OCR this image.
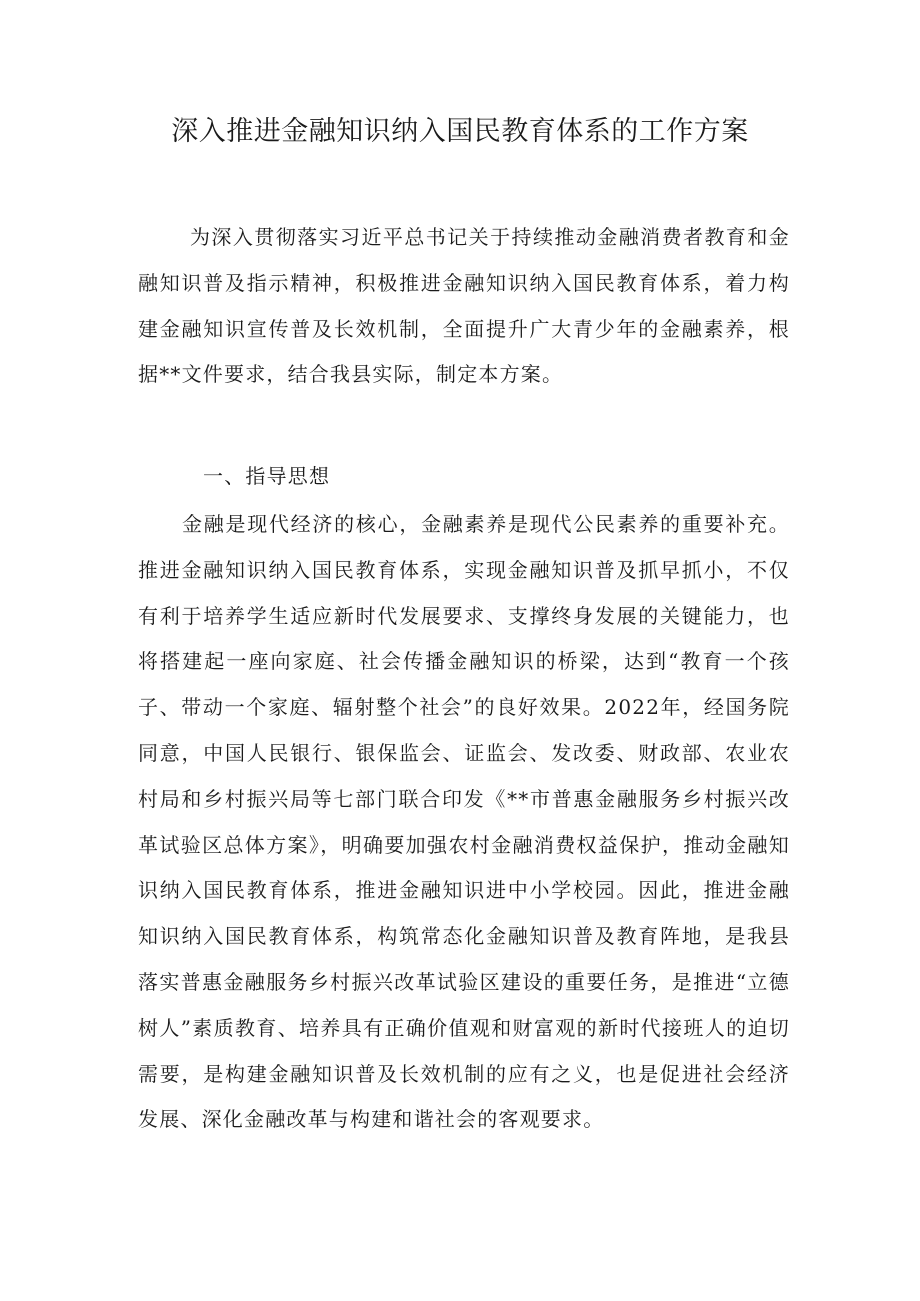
深入推进金融知识纳入国民教育体系的工作方案

为深入贯彻落实习近平总书记关于持续推动金融消费者教育和金融知识普及指示精神，积极推进金融知识纳入国民教育体系，着力构建金融知识宣传普及长效机制，全面提升广大青少年的金融素养，根据**文件要求，结合我县实际，制定本方案。

一、指导思想

金融是现代经济的核心，金融素养是现代公民素养的重要补充。推进金融知识纳入国民教育体系，实现金融知识普及抓早抓小，不仅有利于培养学生适应新时代发展要求、支撑终身发展的关键能力，也将搭建起一座向家庭、社会传播金融知识的桥梁，达到“教育一个孩子、带动一个家庭、辐射整个社会”的良好效果。2022年，经国务院同意，中国人民银行、银保监会、证监会、发改委、财政部、农业农村局和乡村振兴局等七部门联合印发《**市普惠金融服务乡村振兴改革试验区总体方案》，明确要加强农村金融消费权益保护，推动金融知识纳入国民教育体系，推进金融知识进中小学校园。因此，推进金融知识纳入国民教育体系，构筑常态化金融知识普及教育阵地，是我县落实普惠金融服务乡村振兴改革试验区建设的重要任务，是推进“立德树人”素质教育、培养具有正确价值观和财富观的新时代接班人的迫切需要，是构建金融知识普及长效机制的应有之义，也是促进社会经济发展、深化金融改革与构建和谐社会的客观要求。
